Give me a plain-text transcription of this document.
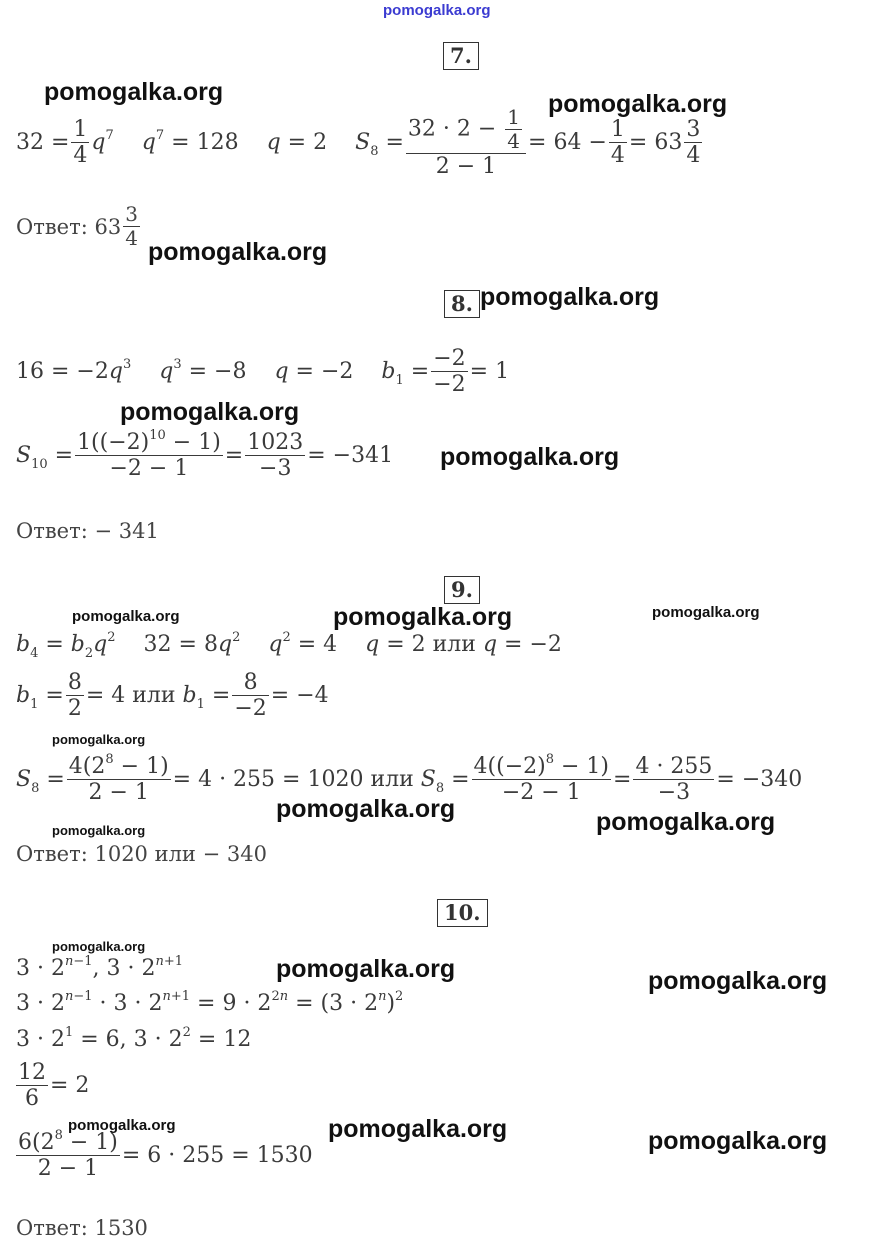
pomogalka.org
7.
pomogalka.org
$32 = \frac{1}{4} q^7$ $q^7 = 128$ q = 2 $S_8 = \frac{32 \cdot 2 - \frac{1}{4}}{2 - 1} = 64 - \frac{1}{4} = 63 \frac{3}{4}$
pomogalka.org
Ответ:
$63 \frac{3}{4}$
pomogalka.org
8. pomogalka.org
$16 = -2q^3$ $q^3 = -8$ q = −2 $b_1 = \frac{-2}{-2} = 1$
pomogalka.org
$S_{10} = \frac{1((-2)^{10} - 1)}{-2 - 1} = \frac{1023}{-3} = -341$ pomogalka.org
Ответ:
− 341
9.
pomogalka.org	pomogalka.org	pomogalka.org
$b_4 = b_2q^2$ $32 = 8q^2$ $q^2 = 4$ q = 2 или q = −2
$b_1 = \frac{8}{2} = 4$ или $b_1 = \frac{8}{-2} = -4$
pomogalka.org
$S_8 = \frac{4(2^8 - 1)}{2 - 1} = 4 \cdot 255 = 1020$ или $S_8 = \frac{4((-2)^8 - 1)}{-2 - 1} = \frac{4 \cdot 255}{-3} = -340$
pomogalka.org	pomogalka.org
pomogalka.org
Ответ:
1020 или − 340
10.
pomogalka.org
$3 \cdot 2^{n-1}$, $3 \cdot 2^{n+1}$	pomogalka.org	pomogalka.org
$3 \cdot 2^{n-1} \cdot 3 \cdot 2^{n+1} = 9 \cdot 2^{2n} = (3 \cdot 2^n)^2$
$3 \cdot 2^1 = 6$, $3 \cdot 2^2 = 12$
$\frac{12}{6} = 2$
pomogalka.org	pomogalka.org	pomogalka.org
$\frac{6(2^8 - 1)}{2 - 1} = 6 \cdot 255 = 1530$
Ответ:
1530
